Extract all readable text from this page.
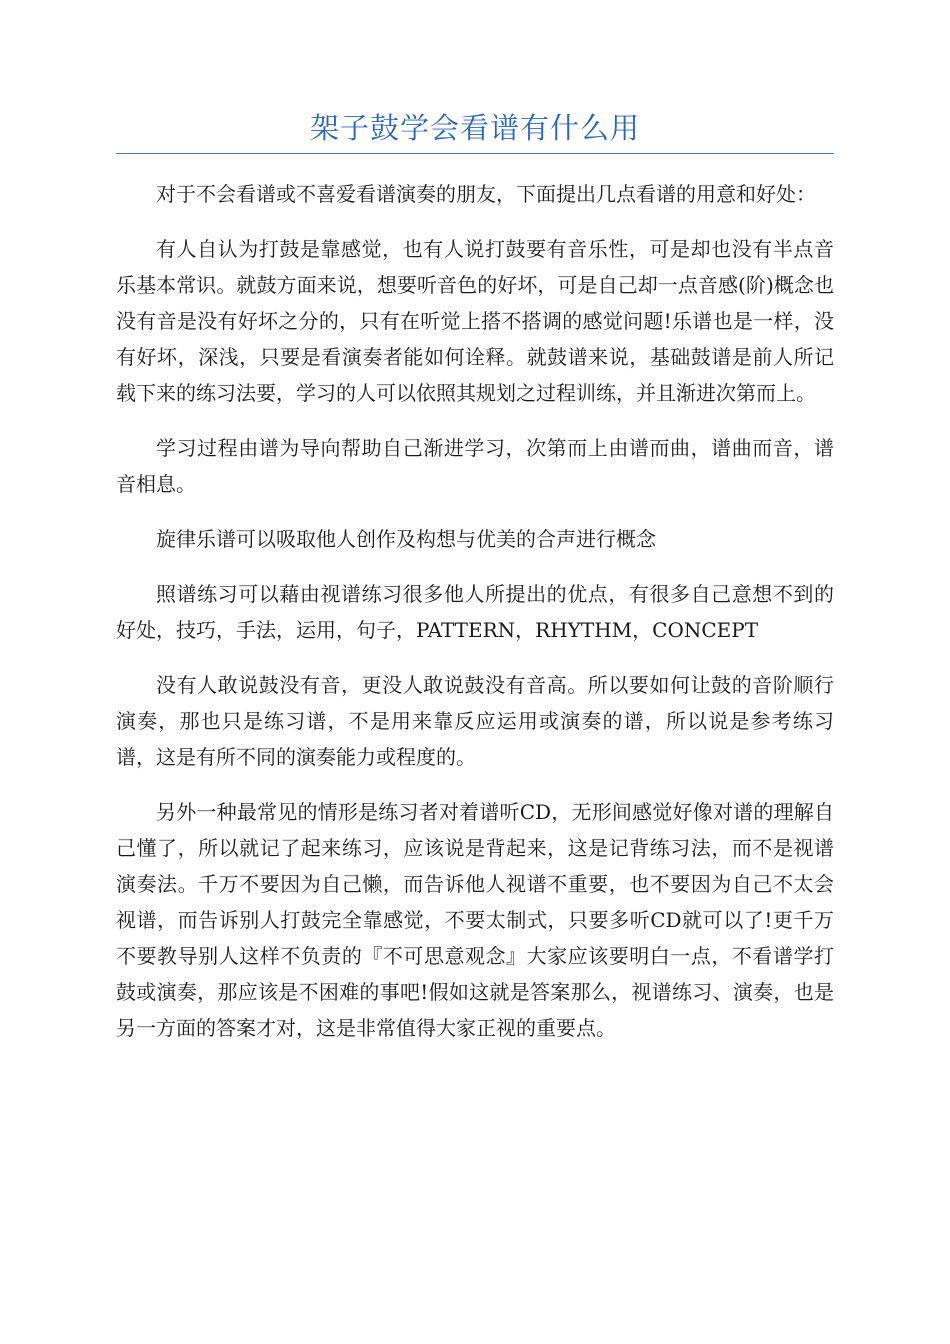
架子鼓学会看谱有什么用

对于不会看谱或不喜爱看谱演奏的朋友，下面提出几点看谱的用意和好处：

有人自认为打鼓是靠感觉，也有人说打鼓要有音乐性，可是却也没有半点音乐基本常识。就鼓方面来说，想要听音色的好坏，可是自己却一点音感(阶)概念也没有音是没有好坏之分的，只有在听觉上搭不搭调的感觉问题!乐谱也是一样，没有好坏，深浅，只要是看演奏者能如何诠释。就鼓谱来说，基础鼓谱是前人所记载下来的练习法要，学习的人可以依照其规划之过程训练，并且渐进次第而上。

学习过程由谱为导向帮助自己渐进学习，次第而上由谱而曲，谱曲而音，谱音相息。

旋律乐谱可以吸取他人创作及构想与优美的合声进行概念

照谱练习可以藉由视谱练习很多他人所提出的优点，有很多自己意想不到的好处，技巧，手法，运用，句子，PATTERN，RHYTHM，CONCEPT

没有人敢说鼓没有音，更没人敢说鼓没有音高。所以要如何让鼓的音阶顺行演奏，那也只是练习谱，不是用来靠反应运用或演奏的谱，所以说是参考练习谱，这是有所不同的演奏能力或程度的。

另外一种最常见的情形是练习者对着谱听CD，无形间感觉好像对谱的理解自己懂了，所以就记了起来练习，应该说是背起来，这是记背练习法，而不是视谱演奏法。千万不要因为自己懒，而告诉他人视谱不重要，也不要因为自己不太会视谱，而告诉别人打鼓完全靠感觉，不要太制式，只要多听CD就可以了!更千万不要教导别人这样不负责的『不可思意观念』大家应该要明白一点，不看谱学打鼓或演奏，那应该是不困难的事吧!假如这就是答案那么，视谱练习、演奏，也是另一方面的答案才对，这是非常值得大家正视的重要点。
